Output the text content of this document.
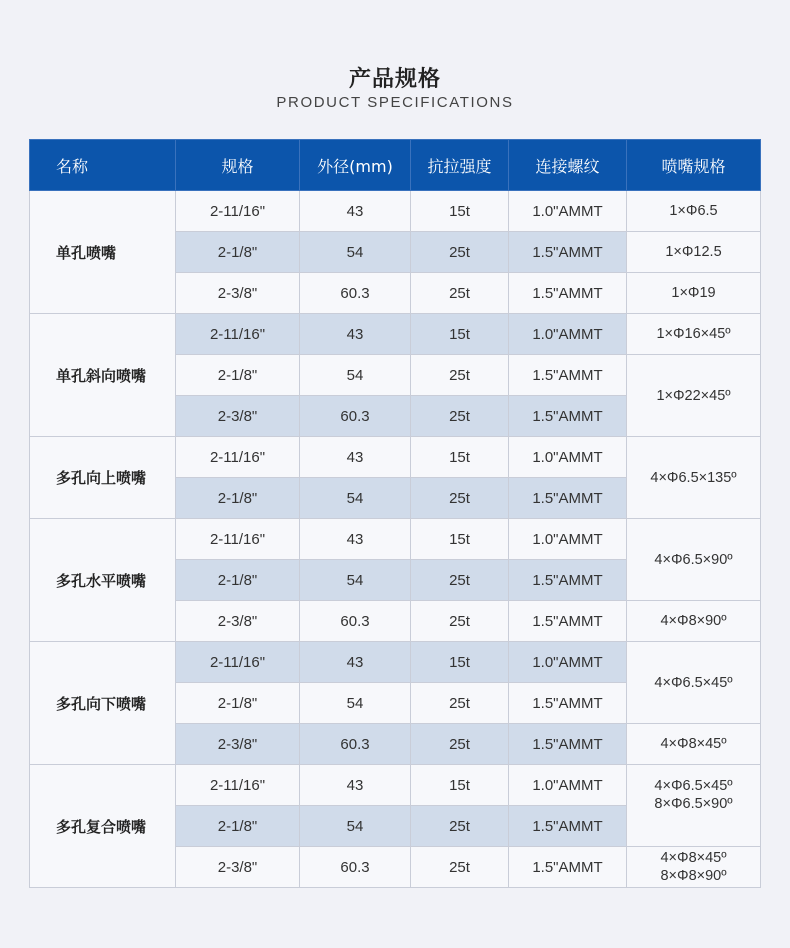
产品规格
PRODUCT SPECIFICATIONS
名称	规格	外径(mm)	抗拉强度	连接螺纹	喷嘴规格
单孔喷嘴	2-11/16"	43	15t	1.0"AMMT	1×Φ6.5
	2-1/8"	54	25t	1.5"AMMT	1×Φ12.5
	2-3/8"	60.3	25t	1.5"AMMT	1×Φ19
单孔斜向喷嘴	2-11/16"	43	15t	1.0"AMMT	1×Φ16×45º
	2-1/8"	54	25t	1.5"AMMT	1×Φ22×45º
	2-3/8"	60.3	25t	1.5"AMMT	
多孔向上喷嘴	2-11/16"	43	15t	1.0"AMMT	4×Φ6.5×135º
	2-1/8"	54	25t	1.5"AMMT	
多孔水平喷嘴	2-11/16"	43	15t	1.0"AMMT	4×Φ6.5×90º
	2-1/8"	54	25t	1.5"AMMT	
	2-3/8"	60.3	25t	1.5"AMMT	4×Φ8×90º
多孔向下喷嘴	2-11/16"	43	15t	1.0"AMMT	4×Φ6.5×45º
	2-1/8"	54	25t	1.5"AMMT	
	2-3/8"	60.3	25t	1.5"AMMT	4×Φ8×45º
多孔复合喷嘴	2-11/16"	43	15t	1.0"AMMT	4×Φ6.5×45º
8×Φ6.5×90º

	2-1/8"	54	25t	1.5"AMMT	
	2-3/8"	60.3	25t	1.5"AMMT	4×Φ8×45º
8×Φ8×90º
